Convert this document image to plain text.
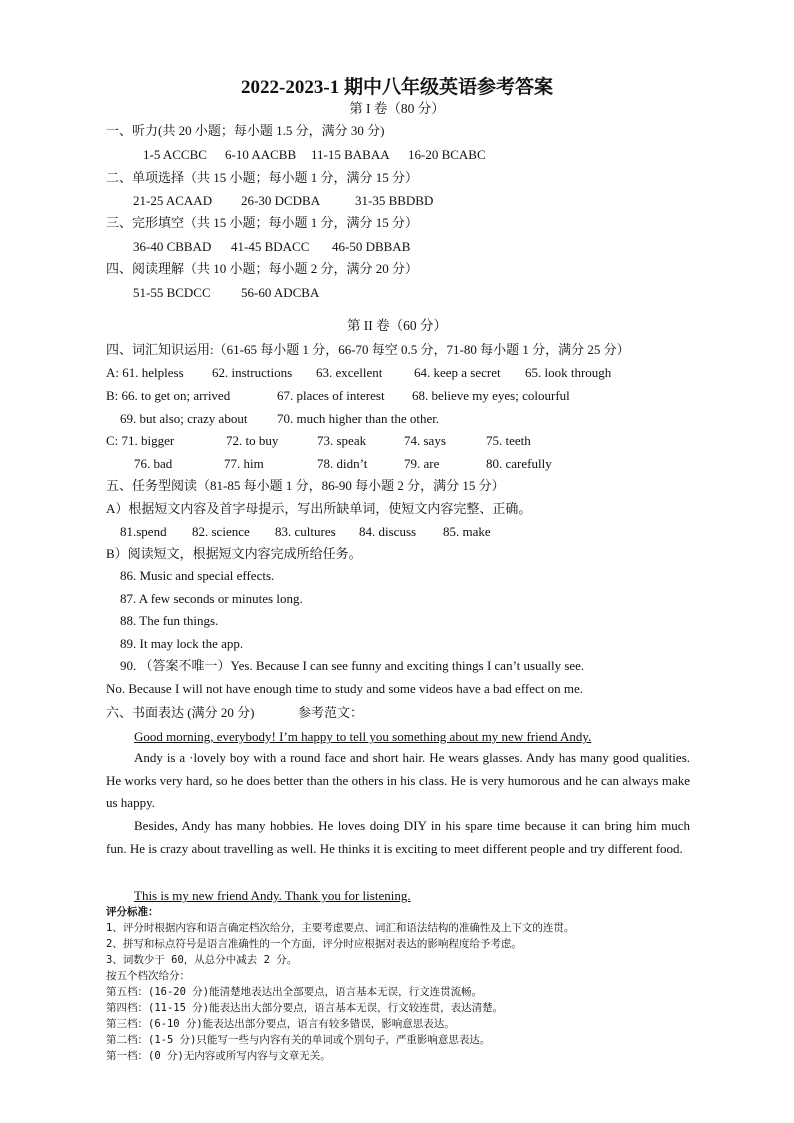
2022-2023-1 期中八年级英语参考答案
第 I 卷（80 分）
一、听力(共 20 小题；每小题 1.5 分，满分 30 分)
1-5 ACCBC 6-10 AACBB 11-15 BABAA 16-20 BCABC
二、单项选择（共 15 小题；每小题 1 分，满分 15 分）
21-25 ACAAD 26-30 DCDBA	31-35 BBDBD
三、完形填空（共 15 小题；每小题 1 分，满分 15 分）
36-40 CBBAD 41-45 BDACC 46-50 DBBAB
四、阅读理解（共 10 小题；每小题 2 分，满分 20 分）
51-55 BCDCC 56-60 ADCBA
第 II 卷（60 分）
四、词汇知识运用:（61-65 每小题 1 分，66-70 每空 0.5 分，71-80 每小题 1 分，满分 25 分）
A: 61. helpless 62. instructions 63. excellent 64. keep a secret 65. look through
B: 66. to get on; arrived	67. places of interest 68. believe my eyes; colourful
69. but also; crazy about 70. much higher than the other.
C: 71. bigger	72. to buy	73. speak	74. says	75. teeth
76. bad	77. him	78. didn’t	79. are	80. carefully
五、任务型阅读（81-85 每小题 1 分，86-90 每小题 2 分，满分 15 分）
A）根据短文内容及首字母提示，写出所缺单词，使短文内容完整、正确。
81.spend 82. science 83. cultures 84. discuss 85. make
B）阅读短文，根据短文内容完成所给任务。
86. Music and special effects.
87. A few seconds or minutes long.
88. The fun things.
89. It may lock the app.
90. （答案不唯一）Yes. Because I can see funny and exciting things I can’t usually see.
No. Because I will not have enough time to study and some videos have a bad effect on me.
六、书面表达 (满分 20 分)	参考范文：
Good morning, everybody! I’m happy to tell you something about my new friend Andy.
Andy is a ·lovely boy with a round face and short hair. He wears glasses. Andy has many good qualities. He works very hard, so he does better than the others in his class. He is very humorous and he can always make us happy.
Besides, Andy has many hobbies. He loves doing DIY in his spare time because it can bring him much fun. He is crazy about travelling as well. He thinks it is exciting to meet different people and try different food.
This is my new friend Andy. Thank you for listening.
评分标准：
1、评分时根据内容和语言确定档次给分，主要考虑要点、词汇和语法结构的准确性及上下文的连贯。
2、拼写和标点符号是语言准确性的一个方面，评分时应根据对表达的影响程度给予考虑。
3、词数少于 60，从总分中减去 2 分。
按五个档次给分：
第五档：(16-20 分)能清楚地表达出全部要点，语言基本无误，行文连贯流畅。
第四档：(11-15 分)能表达出大部分要点，语言基本无误，行文较连贯，表达清楚。
第三档：(6-10 分)能表达出部分要点，语言有较多错误，影响意思表达。
第二档：(1-5 分)只能写一些与内容有关的单词或个别句子，严重影响意思表达。
第一档：(0 分)无内容或所写内容与文章无关。
